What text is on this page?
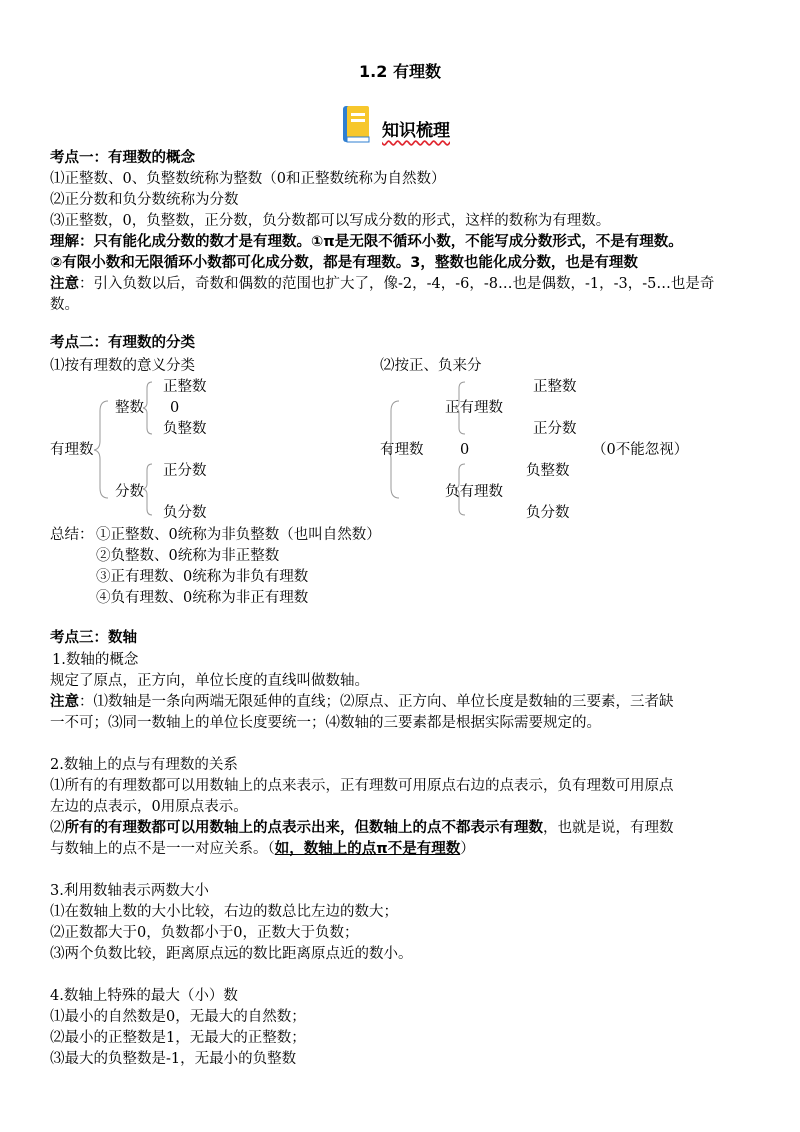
1.2 有理数
知识梳理
考点一：有理数的概念
⑴正整数、0、负整数统称为整数（0和正整数统称为自然数）
⑵正分数和负分数统称为分数
⑶正整数，0，负整数，正分数，负分数都可以写成分数的形式，这样的数称为有理数。
理解：只有能化成分数的数才是有理数。①π是无限不循环小数，不能写成分数形式，不是有理数。
②有限小数和无限循环小数都可化成分数，都是有理数。3，整数也能化成分数，也是有理数
注意：引入负数以后，奇数和偶数的范围也扩大了，像-2，-4，-6，-8…也是偶数，-1，-3，-5…也是奇
数。
考点二：有理数的分类
⑴按有理数的意义分类	⑵按正、负来分
有理数
整数
分数
正整数
0
负整数
正分数
负分数
有理数
正有理数
0
负有理数
正整数
正分数
负整数
负分数
（0不能忽视）
总结： ①正整数、0统称为非负整数（也叫自然数）
②负整数、0统称为非正整数
③正有理数、0统称为非负有理数
④负有理数、0统称为非正有理数
考点三：数轴
1.数轴的概念
规定了原点，正方向，单位长度的直线叫做数轴。
注意：⑴数轴是一条向两端无限延伸的直线；⑵原点、正方向、单位长度是数轴的三要素，三者缺
一不可；⑶同一数轴上的单位长度要统一；⑷数轴的三要素都是根据实际需要规定的。
2.数轴上的点与有理数的关系
⑴所有的有理数都可以用数轴上的点来表示，正有理数可用原点右边的点表示，负有理数可用原点
左边的点表示，0用原点表示。
⑵所有的有理数都可以用数轴上的点表示出来，但数轴上的点不都表示有理数，也就是说，有理数
与数轴上的点不是一一对应关系。（如，数轴上的点π不是有理数）
3.利用数轴表示两数大小
⑴在数轴上数的大小比较，右边的数总比左边的数大；
⑵正数都大于0，负数都小于0，正数大于负数；
⑶两个负数比较，距离原点远的数比距离原点近的数小。
4.数轴上特殊的最大（小）数
⑴最小的自然数是0，无最大的自然数；
⑵最小的正整数是1，无最大的正整数；
⑶最大的负整数是-1，无最小的负整数
